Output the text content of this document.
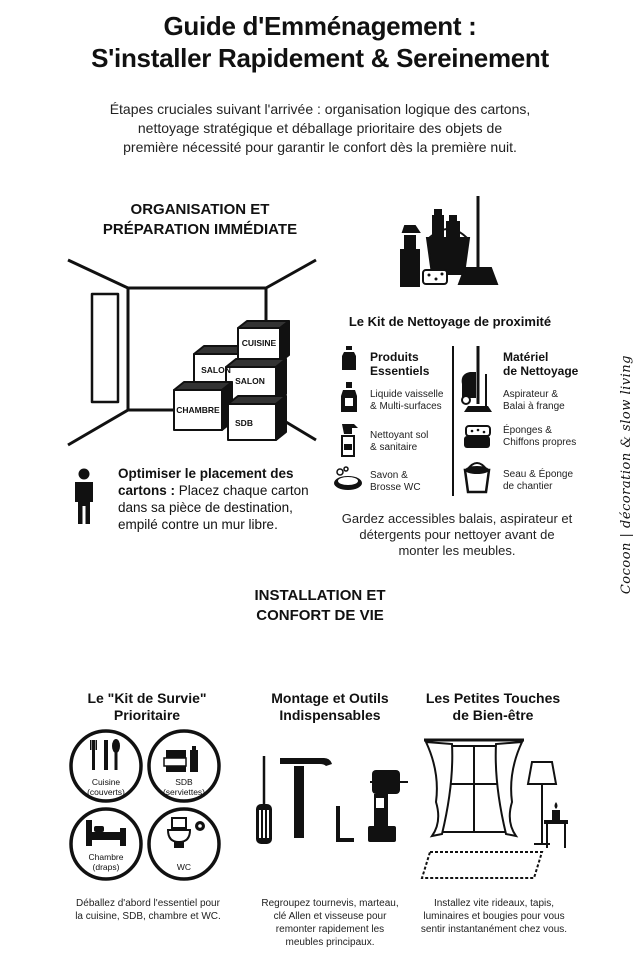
Guide d'Emménagement :
S'installer Rapidement & Sereinement
Étapes cruciales suivant l'arrivée : organisation logique des cartons,
nettoyage stratégique et déballage prioritaire des objets de
première nécessité pour garantir le confort dès la première nuit.
ORGANISATION ET
PRÉPARATION IMMÉDIATE
CUISINE
SALON
SALON
CHAMBRE
SDB
Optimiser le placement des
cartons : Placez chaque carton
dans sa pièce de destination,
empilé contre un mur libre.
Le Kit de Nettoyage de proximité
Produits
Essentiels
Matériel
de Nettoyage
Liquide vaisselle
& Multi-surfaces
Nettoyant sol
& sanitaire
Savon &
Brosse WC
Aspirateur &
Balai à frange
Éponges &
Chiffons propres
Seau & Éponge
de chantier
Gardez accessibles balais, aspirateur et
détergents pour nettoyer avant de
monter les meubles.
INSTALLATION ET
CONFORT DE VIE
Le "Kit de Survie"
Prioritaire
Montage et Outils
Indispensables
Les Petites Touches
de Bien-être
Cuisine
(couverts)
SDB
(serviettes)
Chambre
(draps)	WC
Déballez d'abord l'essentiel pour
la cuisine, SDB, chambre et WC.
Regroupez tournevis, marteau,
clé Allen et visseuse pour
remonter rapidement les
meubles principaux.
Installez vite rideaux, tapis,
luminaires et bougies pour vous
sentir instantanément chez vous.
Cocoon | décoration & slow living
